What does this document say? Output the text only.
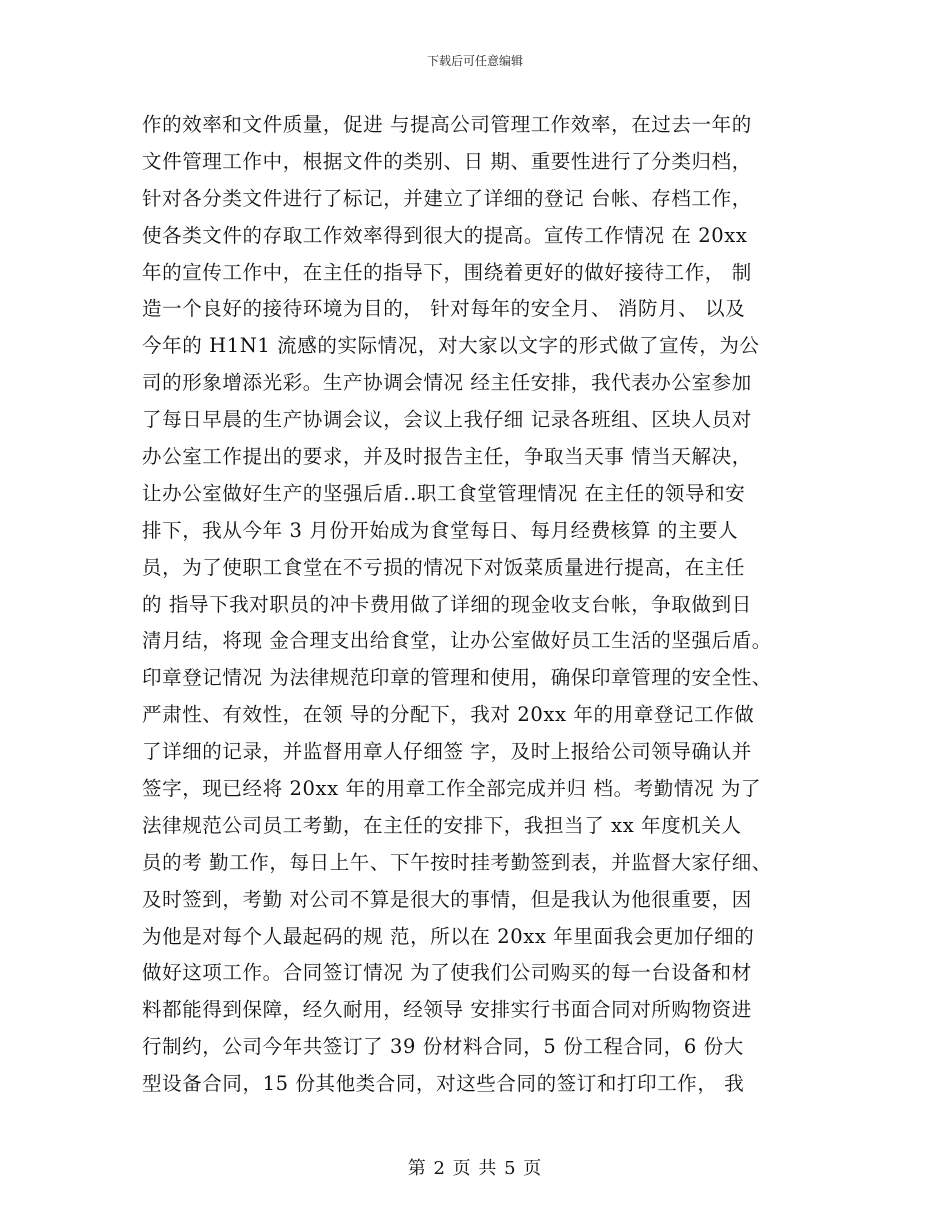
下载后可任意编辑
作的效率和文件质量，促进 与提高公司管理工作效率，在过去一年的
文件管理工作中，根据文件的类别、日 期、重要性进行了分类归档，
针对各分类文件进行了标记，并建立了详细的登记 台帐、存档工作，
使各类文件的存取工作效率得到很大的提高。宣传工作情况 在 20xx
年的宣传工作中，在主任的指导下，围绕着更好的做好接待工作， 制
造一个良好的接待环境为目的， 针对每年的安全月、 消防月、 以及
今年的 H1N1 流感的实际情况，对大家以文字的形式做了宣传，为公
司的形象增添光彩。生产协调会情况 经主任安排，我代表办公室参加
了每日早晨的生产协调会议，会议上我仔细 记录各班组、区块人员对
办公室工作提出的要求，并及时报告主任，争取当天事 情当天解决，
让办公室做好生产的坚强后盾..职工食堂管理情况 在主任的领导和安
排下，我从今年 3 月份开始成为食堂每日、每月经费核算 的主要人
员，为了使职工食堂在不亏损的情况下对饭菜质量进行提高，在主任
的 指导下我对职员的冲卡费用做了详细的现金收支台帐，争取做到日
清月结，将现 金合理支出给食堂，让办公室做好员工生活的坚强后盾。
印章登记情况 为法律规范印章的管理和使用，确保印章管理的安全性、
严肃性、有效性，在领 导的分配下，我对 20xx 年的用章登记工作做
了详细的记录，并监督用章人仔细签 字，及时上报给公司领导确认并
签字，现已经将 20xx 年的用章工作全部完成并归 档。考勤情况 为了
法律规范公司员工考勤，在主任的安排下，我担当了 xx 年度机关人
员的考 勤工作，每日上午、下午按时挂考勤签到表，并监督大家仔细、
及时签到，考勤 对公司不算是很大的事情，但是我认为他很重要，因
为他是对每个人最起码的规 范，所以在 20xx 年里面我会更加仔细的
做好这项工作。合同签订情况 为了使我们公司购买的每一台设备和材
料都能得到保障，经久耐用，经领导 安排实行书面合同对所购物资进
行制约，公司今年共签订了 39 份材料合同，5 份工程合同，6 份大
型设备合同，15 份其他类合同，对这些合同的签订和打印工作， 我
第 2 页 共 5 页
